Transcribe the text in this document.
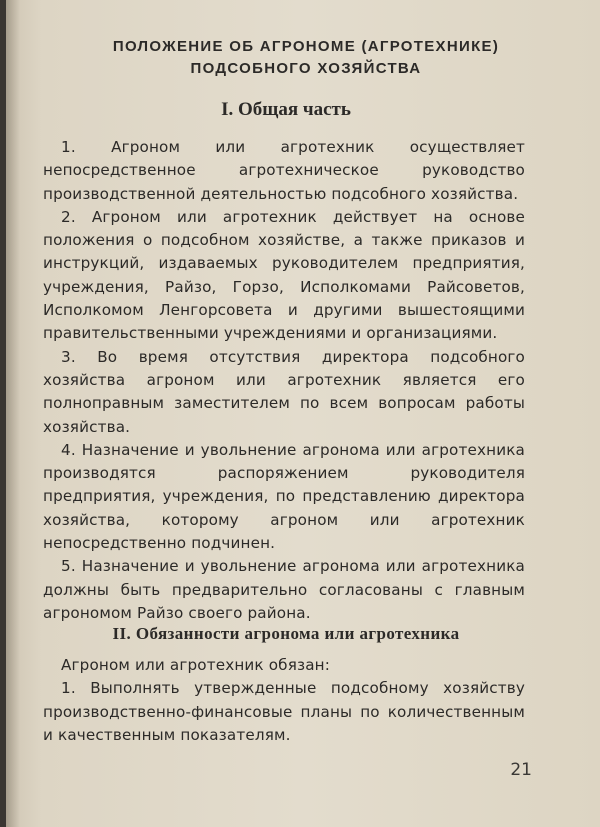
ПОЛОЖЕНИЕ ОБ АГРОНОМЕ (АГРОТЕХНИКЕ)
ПОДСОБНОГО ХОЗЯЙСТВА
I. Общая часть

1. Агроном или агротехник осуществляет непосредственное агротехническое руководство производственной деятельностью подсобного хозяйства.

2. Агроном или агротехник действует на основе положения о подсобном хозяйстве, а также приказов и инструкций, издаваемых руководителем предприятия, учреждения, Райзо, Горзо, Исполкомами Райсоветов, Исполкомом Ленгорсовета и другими вышестоящими правительственными учреждениями и организациями.

3. Во время отсутствия директора подсобного хозяйства агроном или агротехник является его полноправным заместителем по всем вопросам работы хозяйства.

4. Назначение и увольнение агронома или агротехника производятся распоряжением руководителя предприятия, учреждения, по представлению директора хозяйства, которому агроном или агротехник непосредственно подчинен.

5. Назначение и увольнение агронома или агротехника должны быть предварительно согласованы с главным агрономом Райзо своего района.

II. Обязанности агронома или агротехника

Агроном или агротехник обязан:

1. Выполнять утвержденные подсобному хозяйству производственно-финансовые планы по количественным и качественным показателям.

21
